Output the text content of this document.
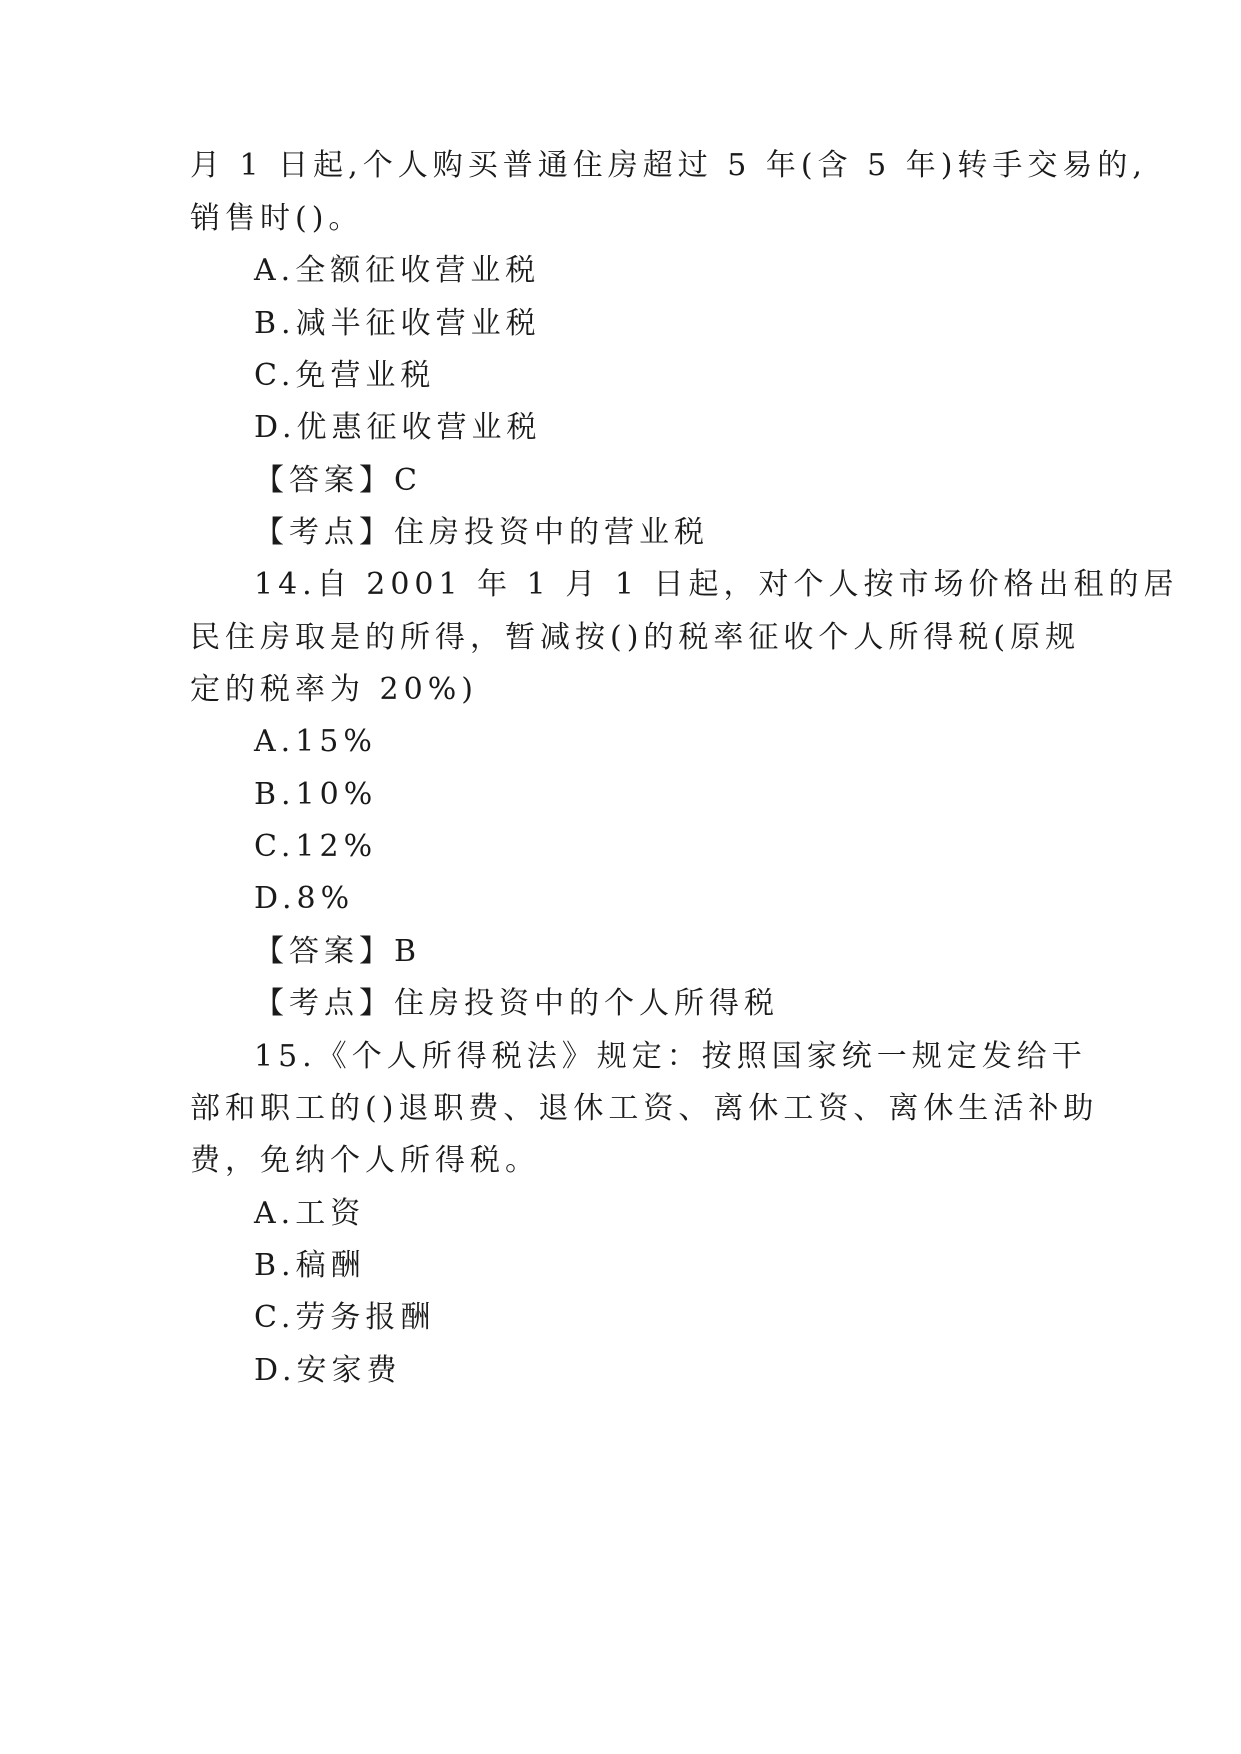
月 1 日起,个人购买普通住房超过 5 年(含 5 年)转手交易的,
销售时()。
A.全额征收营业税
B.减半征收营业税
C.免营业税
D.优惠征收营业税
【答案】C
【考点】住房投资中的营业税
14.自 2001 年 1 月 1 日起，对个人按市场价格出租的居
民住房取是的所得，暂减按()的税率征收个人所得税(原规
定的税率为 20%)
A.15%
B.10%
C.12%
D.8%
【答案】B
【考点】住房投资中的个人所得税
15.《个人所得税法》规定：按照国家统一规定发给干
部和职工的()退职费、退休工资、离休工资、离休生活补助
费，免纳个人所得税。
A.工资
B.稿酬
C.劳务报酬
D.安家费
